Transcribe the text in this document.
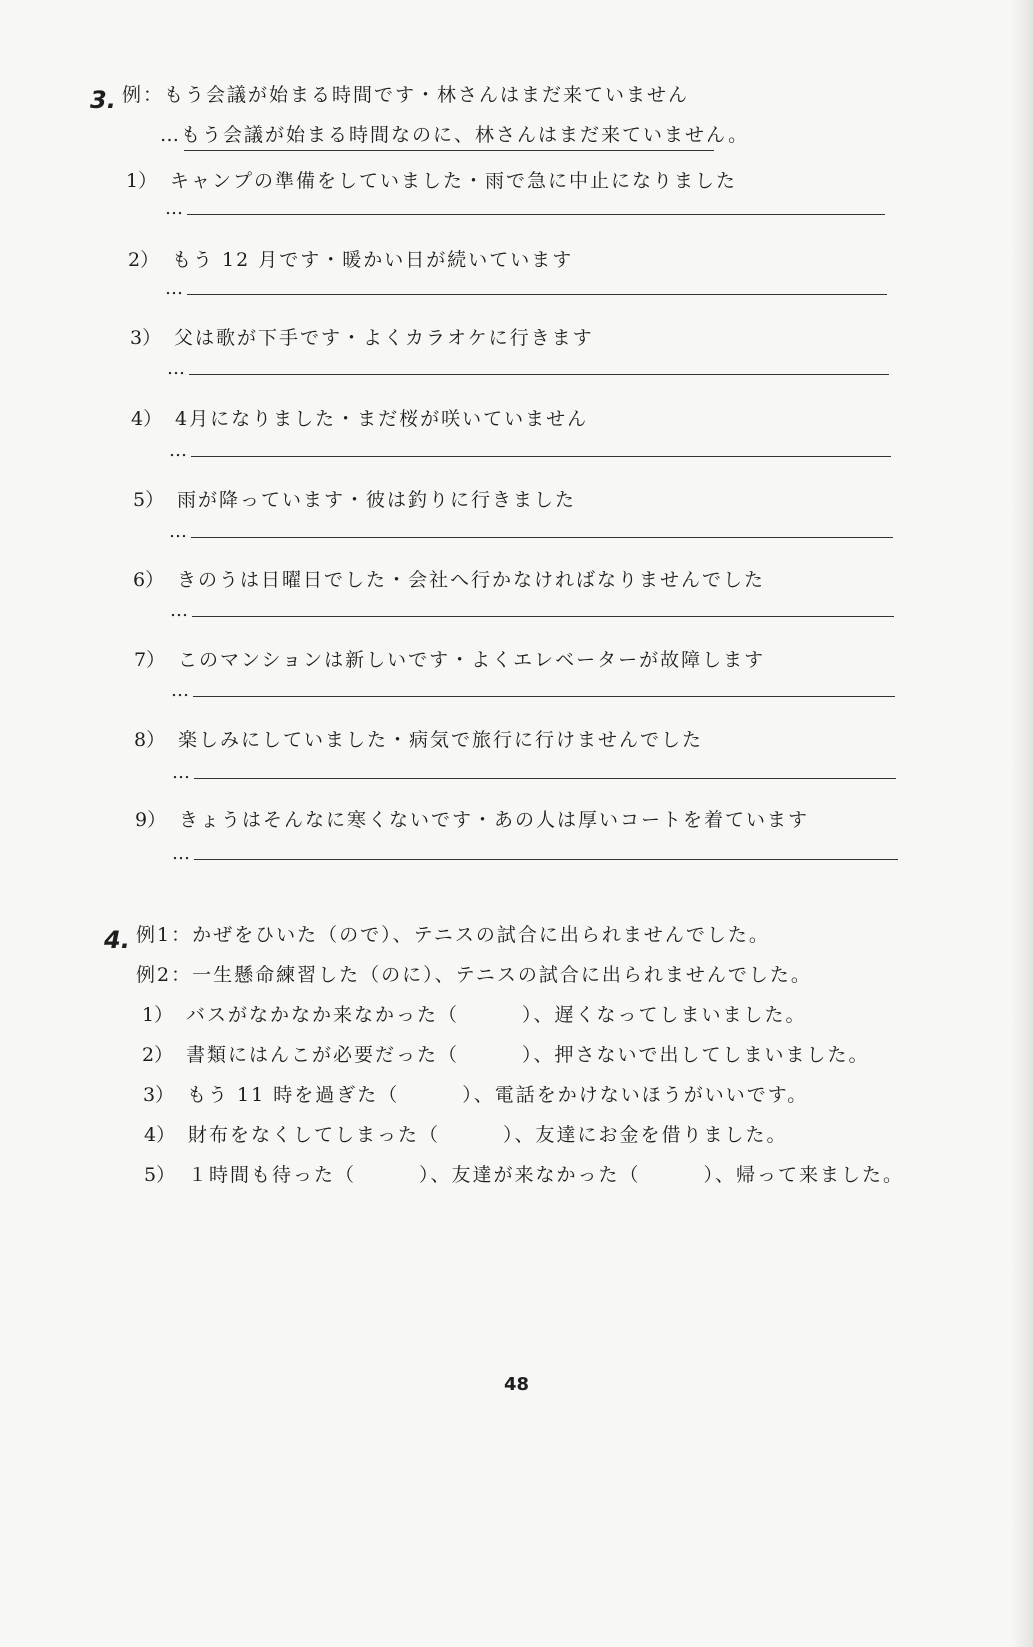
3. 例：もう会議が始まる時間です・林さんはまだ来ていません
…もう会議が始まる時間なのに、林さんはまだ来ていません。
1） キャンプの準備をしていました・雨で急に中止になりました
…
2） もう 12 月です・暖かい日が続いています
…
3） 父は歌が下手です・よくカラオケに行きます
…
4） 4月になりました・まだ桜が咲いていません
…
5） 雨が降っています・彼は釣りに行きました
…
6） きのうは日曜日でした・会社へ行かなければなりませんでした
…
7） このマンションは新しいです・よくエレベーターが故障します
…
8） 楽しみにしていました・病気で旅行に行けませんでした
…
9） きょうはそんなに寒くないです・あの人は厚いコートを着ています
…
4. 例1：かぜをひいた（ので）、テニスの試合に出られませんでした。
例2：一生懸命練習した（のに）、テニスの試合に出られませんでした。
1） バスがなかなか来なかった（　　　）、遅くなってしまいました。
2） 書類にはんこが必要だった（　　　）、押さないで出してしまいました。
3） もう 11 時を過ぎた（　　　）、電話をかけないほうがいいです。
4） 財布をなくしてしまった（　　　）、友達にお金を借りました。
5） １時間も待った（　　　）、友達が来なかった（　　　）、帰って来ました。
48
